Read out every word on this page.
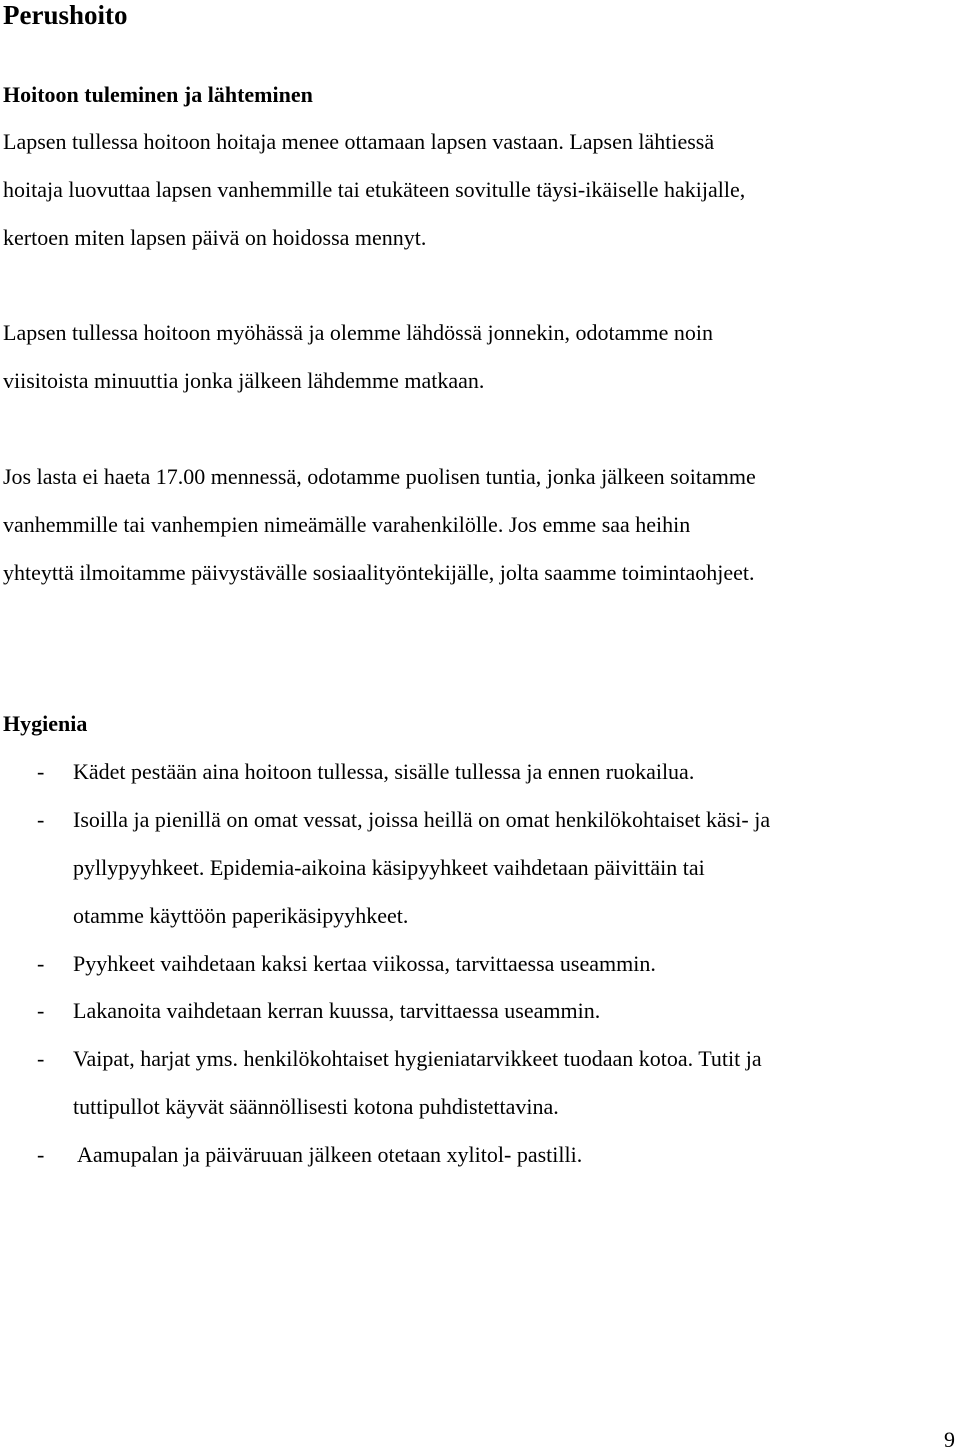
Perushoito
Hoitoon tuleminen ja lähteminen
Lapsen tullessa hoitoon hoitaja menee ottamaan lapsen vastaan. Lapsen lähtiessä
hoitaja luovuttaa lapsen vanhemmille tai etukäteen sovitulle täysi-ikäiselle hakijalle,
kertoen miten lapsen päivä on hoidossa mennyt.
Lapsen tullessa hoitoon myöhässä ja olemme lähdössä jonnekin, odotamme noin
viisitoista minuuttia jonka jälkeen lähdemme matkaan.
Jos lasta ei haeta 17.00 mennessä, odotamme puolisen tuntia, jonka jälkeen soitamme
vanhemmille tai vanhempien nimeämälle varahenkilölle. Jos emme saa heihin
yhteyttä ilmoitamme päivystävälle sosiaalityöntekijälle, jolta saamme toimintaohjeet.
Hygienia
- Kädet pestään aina hoitoon tullessa, sisälle tullessa ja ennen ruokailua.
- Isoilla ja pienillä on omat vessat, joissa heillä on omat henkilökohtaiset käsi- ja
pyllypyyhkeet. Epidemia-aikoina käsipyyhkeet vaihdetaan päivittäin tai
otamme käyttöön paperikäsipyyhkeet.
- Pyyhkeet vaihdetaan kaksi kertaa viikossa, tarvittaessa useammin.
- Lakanoita vaihdetaan kerran kuussa, tarvittaessa useammin.
- Vaipat, harjat yms. henkilökohtaiset hygieniatarvikkeet tuodaan kotoa. Tutit ja
tuttipullot käyvät säännöllisesti kotona puhdistettavina.
- Aamupalan ja päiväruuan jälkeen otetaan xylitol- pastilli.
9
